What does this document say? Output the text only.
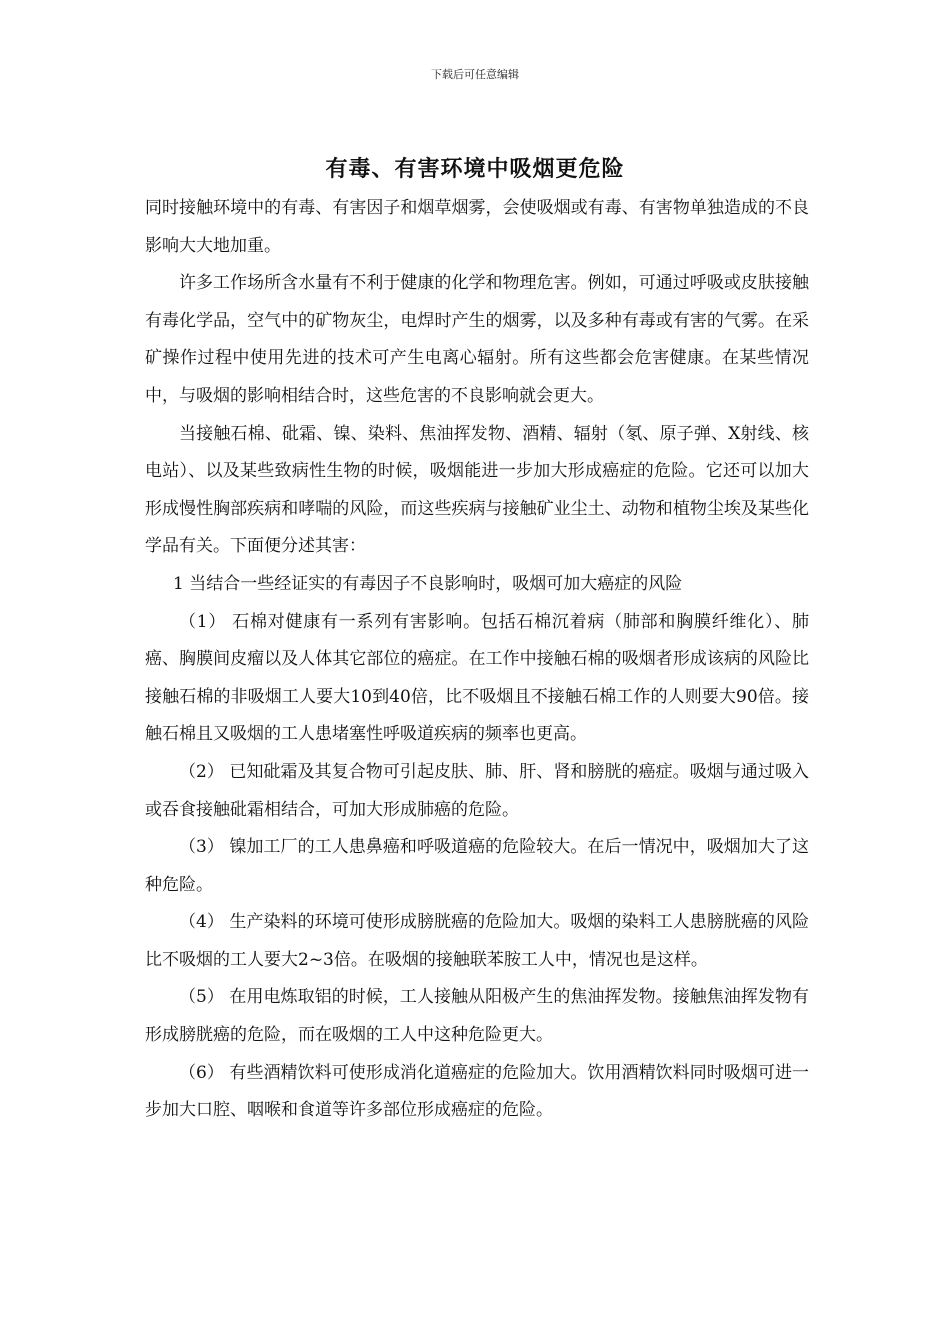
下载后可任意编辑
有毒、有害环境中吸烟更危险

同时接触环境中的有毒、有害因子和烟草烟雾，会使吸烟或有毒、有害物单独造成的不良影响大大地加重。

许多工作场所含水量有不利于健康的化学和物理危害。例如，可通过呼吸或皮肤接触有毒化学品，空气中的矿物灰尘，电焊时产生的烟雾，以及多种有毒或有害的气雾。在采矿操作过程中使用先进的技术可产生电离心辐射。所有这些都会危害健康。在某些情况中，与吸烟的影响相结合时，这些危害的不良影响就会更大。

当接触石棉、砒霜、镍、染料、焦油挥发物、酒精、辐射（氡、原子弹、X射线、核电站）、以及某些致病性生物的时候，吸烟能进一步加大形成癌症的危险。它还可以加大形成慢性胸部疾病和哮喘的风险，而这些疾病与接触矿业尘土、动物和植物尘埃及某些化学品有关。下面便分述其害：

1 当结合一些经证实的有毒因子不良影响时，吸烟可加大癌症的风险

（1） 石棉对健康有一系列有害影响。包括石棉沉着病（肺部和胸膜纤维化）、肺癌、胸膜间皮瘤以及人体其它部位的癌症。在工作中接触石棉的吸烟者形成该病的风险比接触石棉的非吸烟工人要大10到40倍，比不吸烟且不接触石棉工作的人则要大90倍。接触石棉且又吸烟的工人患堵塞性呼吸道疾病的频率也更高。

（2） 已知砒霜及其复合物可引起皮肤、肺、肝、肾和膀胱的癌症。吸烟与通过吸入或吞食接触砒霜相结合，可加大形成肺癌的危险。

（3） 镍加工厂的工人患鼻癌和呼吸道癌的危险较大。在后一情况中，吸烟加大了这种危险。

（4） 生产染料的环境可使形成膀胱癌的危险加大。吸烟的染料工人患膀胱癌的风险比不吸烟的工人要大2~3倍。在吸烟的接触联苯胺工人中，情况也是这样。

（5） 在用电炼取铝的时候，工人接触从阳极产生的焦油挥发物。接触焦油挥发物有形成膀胱癌的危险，而在吸烟的工人中这种危险更大。

（6） 有些酒精饮料可使形成消化道癌症的危险加大。饮用酒精饮料同时吸烟可进一步加大口腔、咽喉和食道等许多部位形成癌症的危险。
